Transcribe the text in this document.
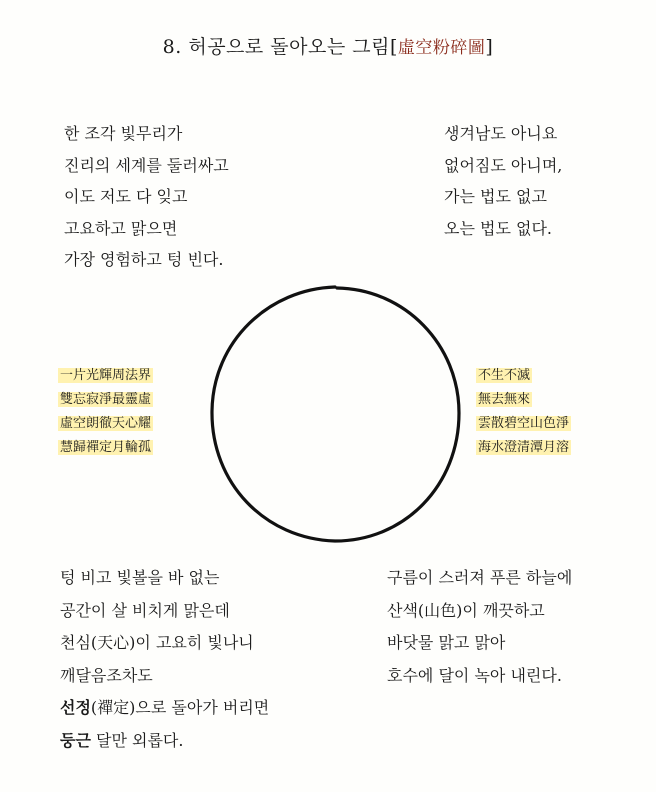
8. 허공으로 돌아오는 그림[虛空粉碎圖]
한 조각 빛무리가
진리의 세계를 둘러싸고
이도 저도 다 잊고
고요하고 맑으면
가장 영험하고 텅 빈다.
생겨남도 아니요
없어짐도 아니며,
가는 법도 없고
오는 법도 없다.
一片光輝周法界
雙忘寂淨最靈虛
虛空朗徹天心耀
慧歸禪定月輪孤
不生不滅
無去無來
雲散碧空山色淨
海水澄清潭月溶
텅 비고 빛볼을 바 없는
공간이 살 비치게 맑은데
천심(天心)이 고요히 빛나니
깨달음조차도
선정(禪定)으로 돌아가 버리면
둥근 달만 외롭다.
구름이 스러져 푸른 하늘에
산색(山色)이 깨끗하고
바닷물 맑고 맑아
호수에 달이 녹아 내린다.
